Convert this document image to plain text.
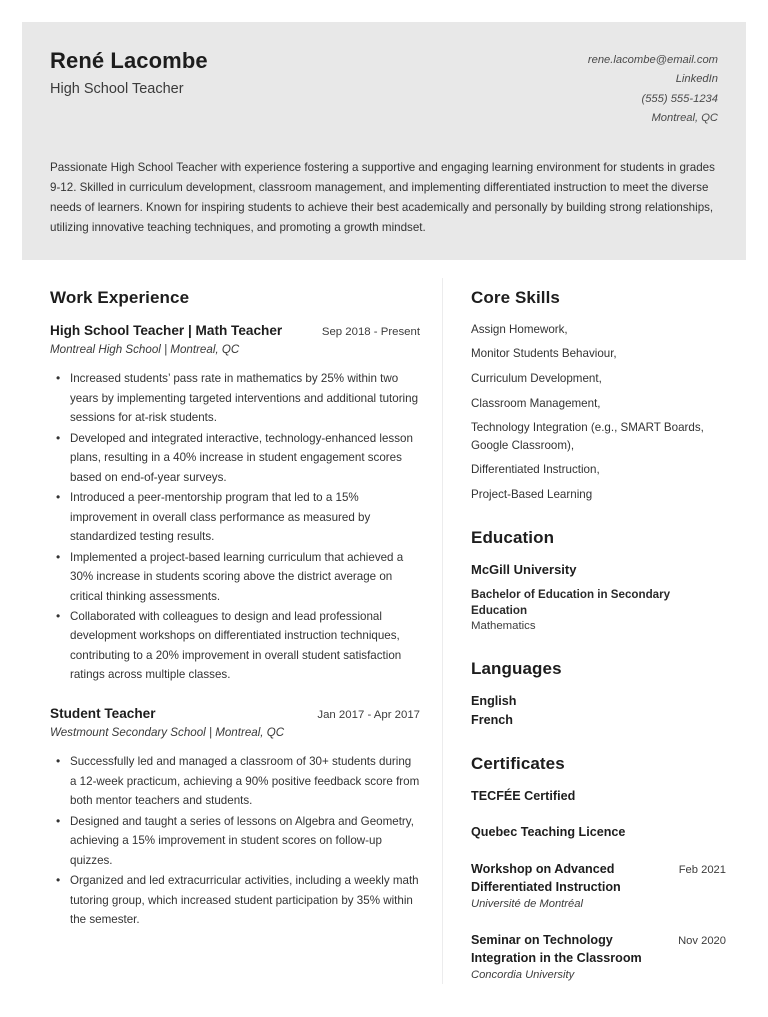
René Lacombe
High School Teacher
rene.lacombe@email.com
LinkedIn
(555) 555-1234
Montreal, QC
Passionate High School Teacher with experience fostering a supportive and engaging learning environment for students in grades 9-12. Skilled in curriculum development, classroom management, and implementing differentiated instruction to meet the diverse needs of learners. Known for inspiring students to achieve their best academically and personally by building strong relationships, utilizing innovative teaching techniques, and promoting a growth mindset.
Work Experience
High School Teacher | Math Teacher	Sep 2018 - Present
Montreal High School | Montreal, QC
• Increased students’ pass rate in mathematics by 25% within two years by implementing targeted interventions and additional tutoring sessions for at-risk students.
• Developed and integrated interactive, technology-enhanced lesson plans, resulting in a 40% increase in student engagement scores based on end-of-year surveys.
• Introduced a peer-mentorship program that led to a 15% improvement in overall class performance as measured by standardized testing results.
• Implemented a project-based learning curriculum that achieved a 30% increase in students scoring above the district average on critical thinking assessments.
• Collaborated with colleagues to design and lead professional development workshops on differentiated instruction techniques, contributing to a 20% improvement in overall student satisfaction ratings across multiple classes.
Student Teacher	Jan 2017 - Apr 2017
Westmount Secondary School | Montreal, QC
• Successfully led and managed a classroom of 30+ students during a 12-week practicum, achieving a 90% positive feedback score from both mentor teachers and students.
• Designed and taught a series of lessons on Algebra and Geometry, achieving a 15% improvement in student scores on follow-up quizzes.
• Organized and led extracurricular activities, including a weekly math tutoring group, which increased student participation by 35% within the semester.
Core Skills
Assign Homework,
Monitor Students Behaviour,
Curriculum Development,
Classroom Management,
Technology Integration (e.g., SMART Boards, Google Classroom),
Differentiated Instruction,
Project-Based Learning
Education
McGill University
Bachelor of Education in Secondary Education
Mathematics
Languages
English
French
Certificates
TECFÉE Certified
Quebec Teaching Licence
Workshop on Advanced Differentiated Instruction
Feb 2021
Université de Montréal
Seminar on Technology Integration in the Classroom
Nov 2020
Concordia University
